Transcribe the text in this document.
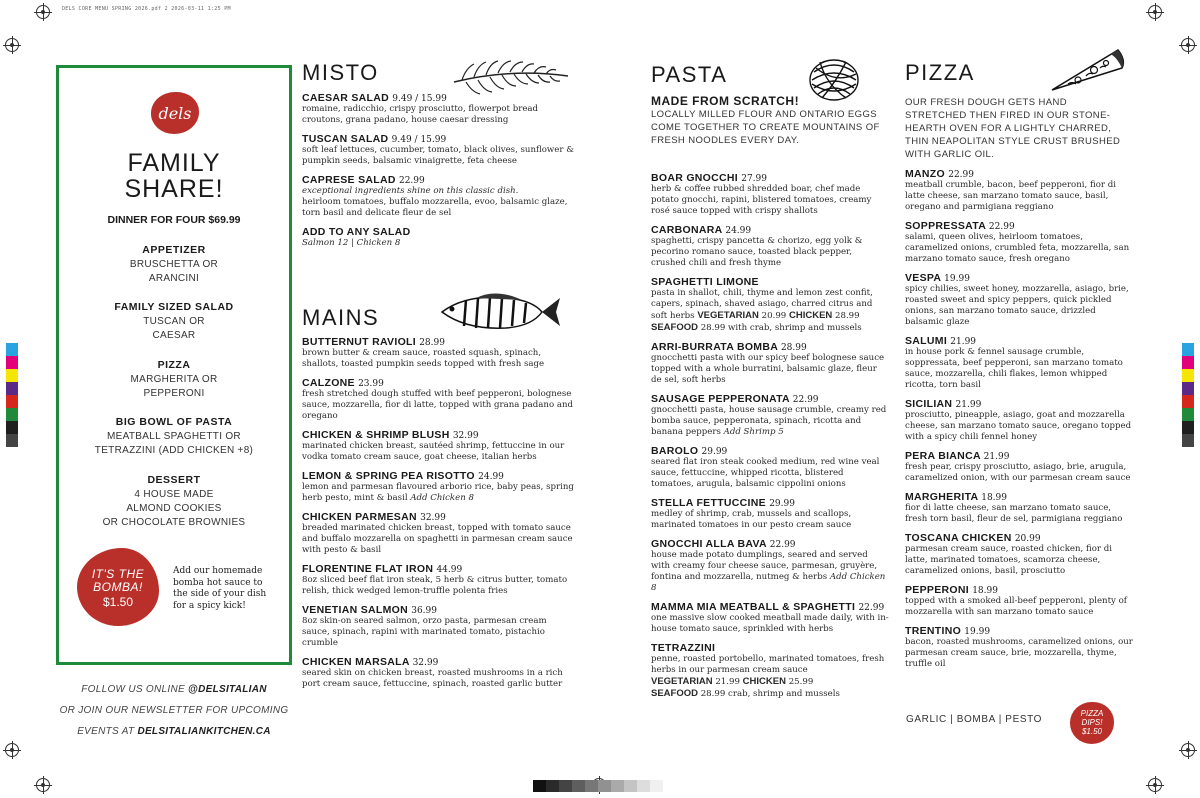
DELS CORE MENU SPRING 2026.pdf 2 2026-03-11 1:25 PM
dels
FAMILY
SHARE!
DINNER FOR FOUR $69.99
APPETIZER
BRUSCHETTA OR
ARANCINI
FAMILY SIZED SALAD
TUSCAN OR
CAESAR
PIZZA
MARGHERITA OR
PEPPERONI
BIG BOWL OF PASTA
MEATBALL SPAGHETTI OR
TETRAZZINI (ADD CHICKEN +8)
DESSERT
4 HOUSE MADE
ALMOND COOKIES
OR CHOCOLATE BROWNIES
IT'S THE
BOMBA!
$1.50
Add our homemade bomba hot sauce to the side of your dish for a spicy kick!
FOLLOW US ONLINE @DELSITALIAN
OR JOIN OUR NEWSLETTER FOR UPCOMING
EVENTS AT DELSITALIANKITCHEN.CA
MISTO
CAESAR SALAD 9.49 / 15.99
romaine, radicchio, crispy prosciutto, flowerpot bread croutons, grana padano, house caesar dressing
TUSCAN SALAD 9.49 / 15.99
soft leaf lettuces, cucumber, tomato, black olives, sunflower & pumpkin seeds, balsamic vinaigrette, feta cheese
CAPRESE SALAD 22.99
exceptional ingredients shine on this classic dish.
heirloom tomatoes, buffalo mozzarella, evoo, balsamic glaze, torn basil and delicate fleur de sel
ADD TO ANY SALAD
Salmon 12 | Chicken 8
MAINS
BUTTERNUT RAVIOLI 28.99
brown butter & cream sauce, roasted squash, spinach, shallots, toasted pumpkin seeds topped with fresh sage
CALZONE 23.99
fresh stretched dough stuffed with beef pepperoni, bolognese sauce, mozzarella, fior di latte, topped with grana padano and oregano
CHICKEN & SHRIMP BLUSH 32.99
marinated chicken breast, sautéed shrimp, fettuccine in our vodka tomato cream sauce, goat cheese, italian herbs
LEMON & SPRING PEA RISOTTO 24.99
lemon and parmesan flavoured arborio rice, baby peas, spring herb pesto, mint & basil Add Chicken 8
CHICKEN PARMESAN 32.99
breaded marinated chicken breast, topped with tomato sauce and buffalo mozzarella on spaghetti in parmesan cream sauce with pesto & basil
FLORENTINE FLAT IRON 44.99
8oz sliced beef flat iron steak, 5 herb & citrus butter, tomato relish, thick wedged lemon-truffle polenta fries
VENETIAN SALMON 36.99
8oz skin-on seared salmon, orzo pasta, parmesan cream sauce, spinach, rapini with marinated tomato, pistachio crumble
CHICKEN MARSALA 32.99
seared skin on chicken breast, roasted mushrooms in a rich port cream sauce, fettuccine, spinach, roasted garlic butter
PASTA
MADE FROM SCRATCH!
LOCALLY MILLED FLOUR AND ONTARIO EGGS COME TOGETHER TO CREATE MOUNTAINS OF FRESH NOODLES EVERY DAY.
BOAR GNOCCHI 27.99
herb & coffee rubbed shredded boar, chef made potato gnocchi, rapini, blistered tomatoes, creamy rosé sauce topped with crispy shallots
CARBONARA 24.99
spaghetti, crispy pancetta & chorizo, egg yolk & pecorino romano sauce, toasted black pepper, crushed chili and fresh thyme
SPAGHETTI LIMONE
pasta in shallot, chili, thyme and lemon zest confit, capers, spinach, shaved asiago, charred citrus and soft herbs VEGETARIAN 20.99 CHICKEN 28.99
SEAFOOD 28.99 with crab, shrimp and mussels
ARRI-BURRATA BOMBA 28.99
gnocchetti pasta with our spicy beef bolognese sauce topped with a whole burratini, balsamic glaze, fleur de sel, soft herbs
SAUSAGE PEPPERONATA 22.99
gnocchetti pasta, house sausage crumble, creamy red bomba sauce, pepperonata, spinach, ricotta and banana peppers Add Shrimp 5
BAROLO 29.99
seared flat iron steak cooked medium, red wine veal sauce, fettuccine, whipped ricotta, blistered tomatoes, arugula, balsamic cippolini onions
STELLA FETTUCCINE 29.99
medley of shrimp, crab, mussels and scallops, marinated tomatoes in our pesto cream sauce
GNOCCHI ALLA BAVA 22.99
house made potato dumplings, seared and served with creamy four cheese sauce, parmesan, gruyère, fontina and mozzarella, nutmeg & herbs Add Chicken 8
MAMMA MIA MEATBALL & SPAGHETTI 22.99
one massive slow cooked meatball made daily, with in-house tomato sauce, sprinkled with herbs
TETRAZZINI
penne, roasted portobello, marinated tomatoes, fresh herbs in our parmesan cream sauce
VEGETARIAN 21.99 CHICKEN 25.99
SEAFOOD 28.99 crab, shrimp and mussels
PIZZA
OUR FRESH DOUGH GETS HAND STRETCHED THEN FIRED IN OUR STONE-HEARTH OVEN FOR A LIGHTLY CHARRED, THIN NEAPOLITAN STYLE CRUST BRUSHED WITH GARLIC OIL.
MANZO 22.99
meatball crumble, bacon, beef pepperoni, fior di latte cheese, san marzano tomato sauce, basil, oregano and parmigiana reggiano
SOPPRESSATA 22.99
salami, queen olives, heirloom tomatoes, caramelized onions, crumbled feta, mozzarella, san marzano tomato sauce, fresh oregano
VESPA 19.99
spicy chilies, sweet honey, mozzarella, asiago, brie, roasted sweet and spicy peppers, quick pickled onions, san marzano tomato sauce, drizzled balsamic glaze
SALUMI 21.99
in house pork & fennel sausage crumble, soppressata, beef pepperoni, san marzano tomato sauce, mozzarella, chili flakes, lemon whipped ricotta, torn basil
SICILIAN 21.99
prosciutto, pineapple, asiago, goat and mozzarella cheese, san marzano tomato sauce, oregano topped with a spicy chili fennel honey
PERA BIANCA 21.99
fresh pear, crispy prosciutto, asiago, brie, arugula, caramelized onion, with our parmesan cream sauce
MARGHERITA 18.99
fior di latte cheese, san marzano tomato sauce, fresh torn basil, fleur de sel, parmigiana reggiano
TOSCANA CHICKEN 20.99
parmesan cream sauce, roasted chicken, fior di latte, marinated tomatoes, scamorza cheese, caramelized onions, basil, prosciutto
PEPPERONI 18.99
topped with a smoked all-beef pepperoni, plenty of mozzarella with san marzano tomato sauce
TRENTINO 19.99
bacon, roasted mushrooms, caramelized onions, our parmesan cream sauce, brie, mozzarella, thyme, truffle oil
GARLIC | BOMBA | PESTO
PIZZA
DIPS!
$1.50
